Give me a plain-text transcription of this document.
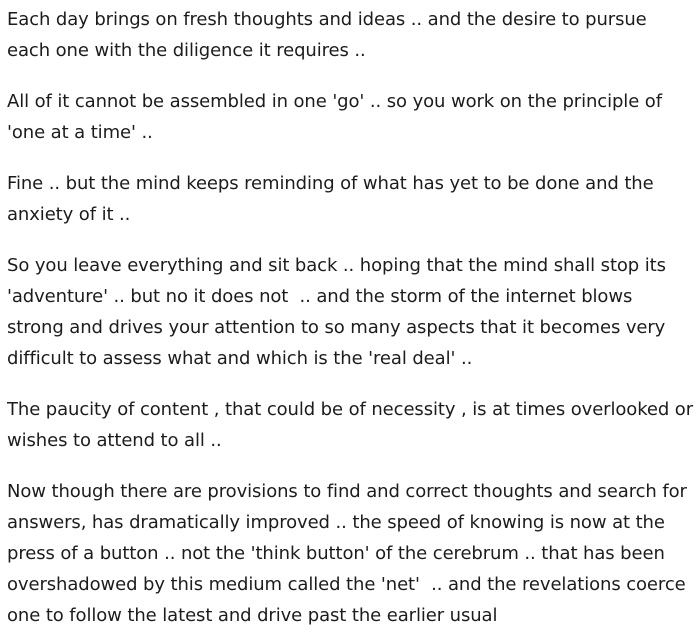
Each day brings on fresh thoughts and ideas .. and the desire to pursue each one with the diligence it requires ..

All of it cannot be assembled in one 'go' .. so you work on the principle of 'one at a time' ..

Fine .. but the mind keeps reminding of what has yet to be done and the anxiety of it ..

So you leave everything and sit back .. hoping that the mind shall stop its 'adventure' .. but no it does not  .. and the storm of the internet blows strong and drives your attention to so many aspects that it becomes very difficult to assess what and which is the 'real deal' ..

The paucity of content , that could be of necessity , is at times overlooked or wishes to attend to all ..

Now though there are provisions to find and correct thoughts and search for answers, has dramatically improved .. the speed of knowing is now at the press of a button .. not the 'think button' of the cerebrum .. that has been overshadowed by this medium called the 'net'  .. and the revelations coerce one to follow the latest and drive past the earlier usual
